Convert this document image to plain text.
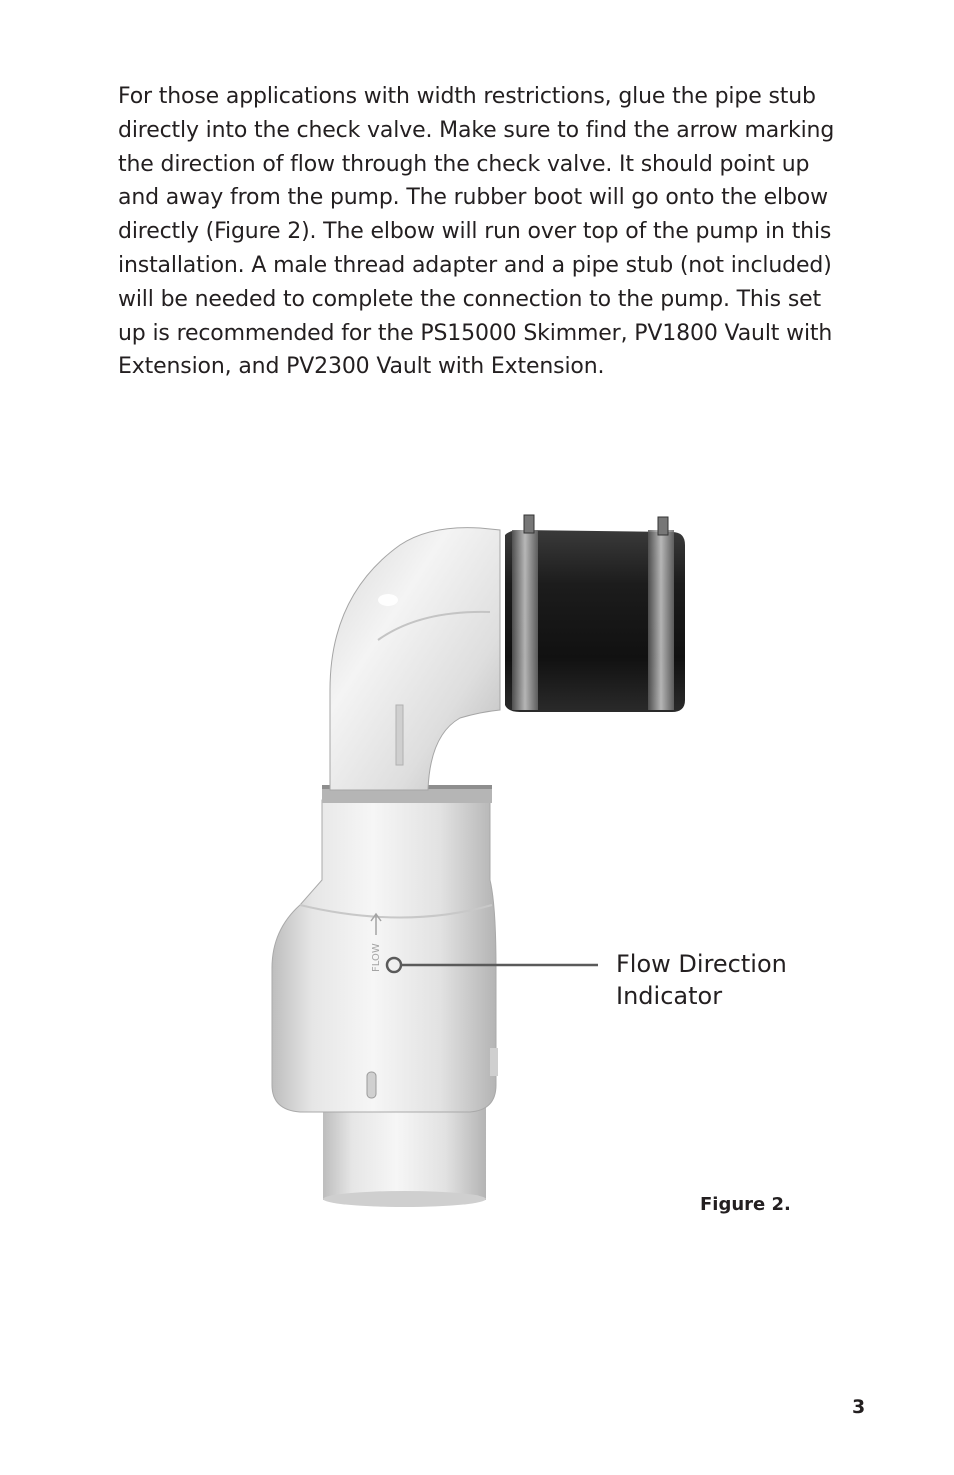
For those applications with width restrictions, glue the pipe stub
directly into the check valve. Make sure to find the arrow marking
the direction of flow through the check valve. It should point up
and away from the pump. The rubber boot will go onto the elbow
directly (Figure 2). The elbow will run over top of the pump in this
installation. A male thread adapter and a pipe stub (not included)
will be needed to complete the connection to the pump. This set
up is recommended for the PS15000 Skimmer, PV1800 Vault with
Extension, and PV2300 Vault with Extension.
FLOW	Flow Direction
Indicator
Figure 2.
3
